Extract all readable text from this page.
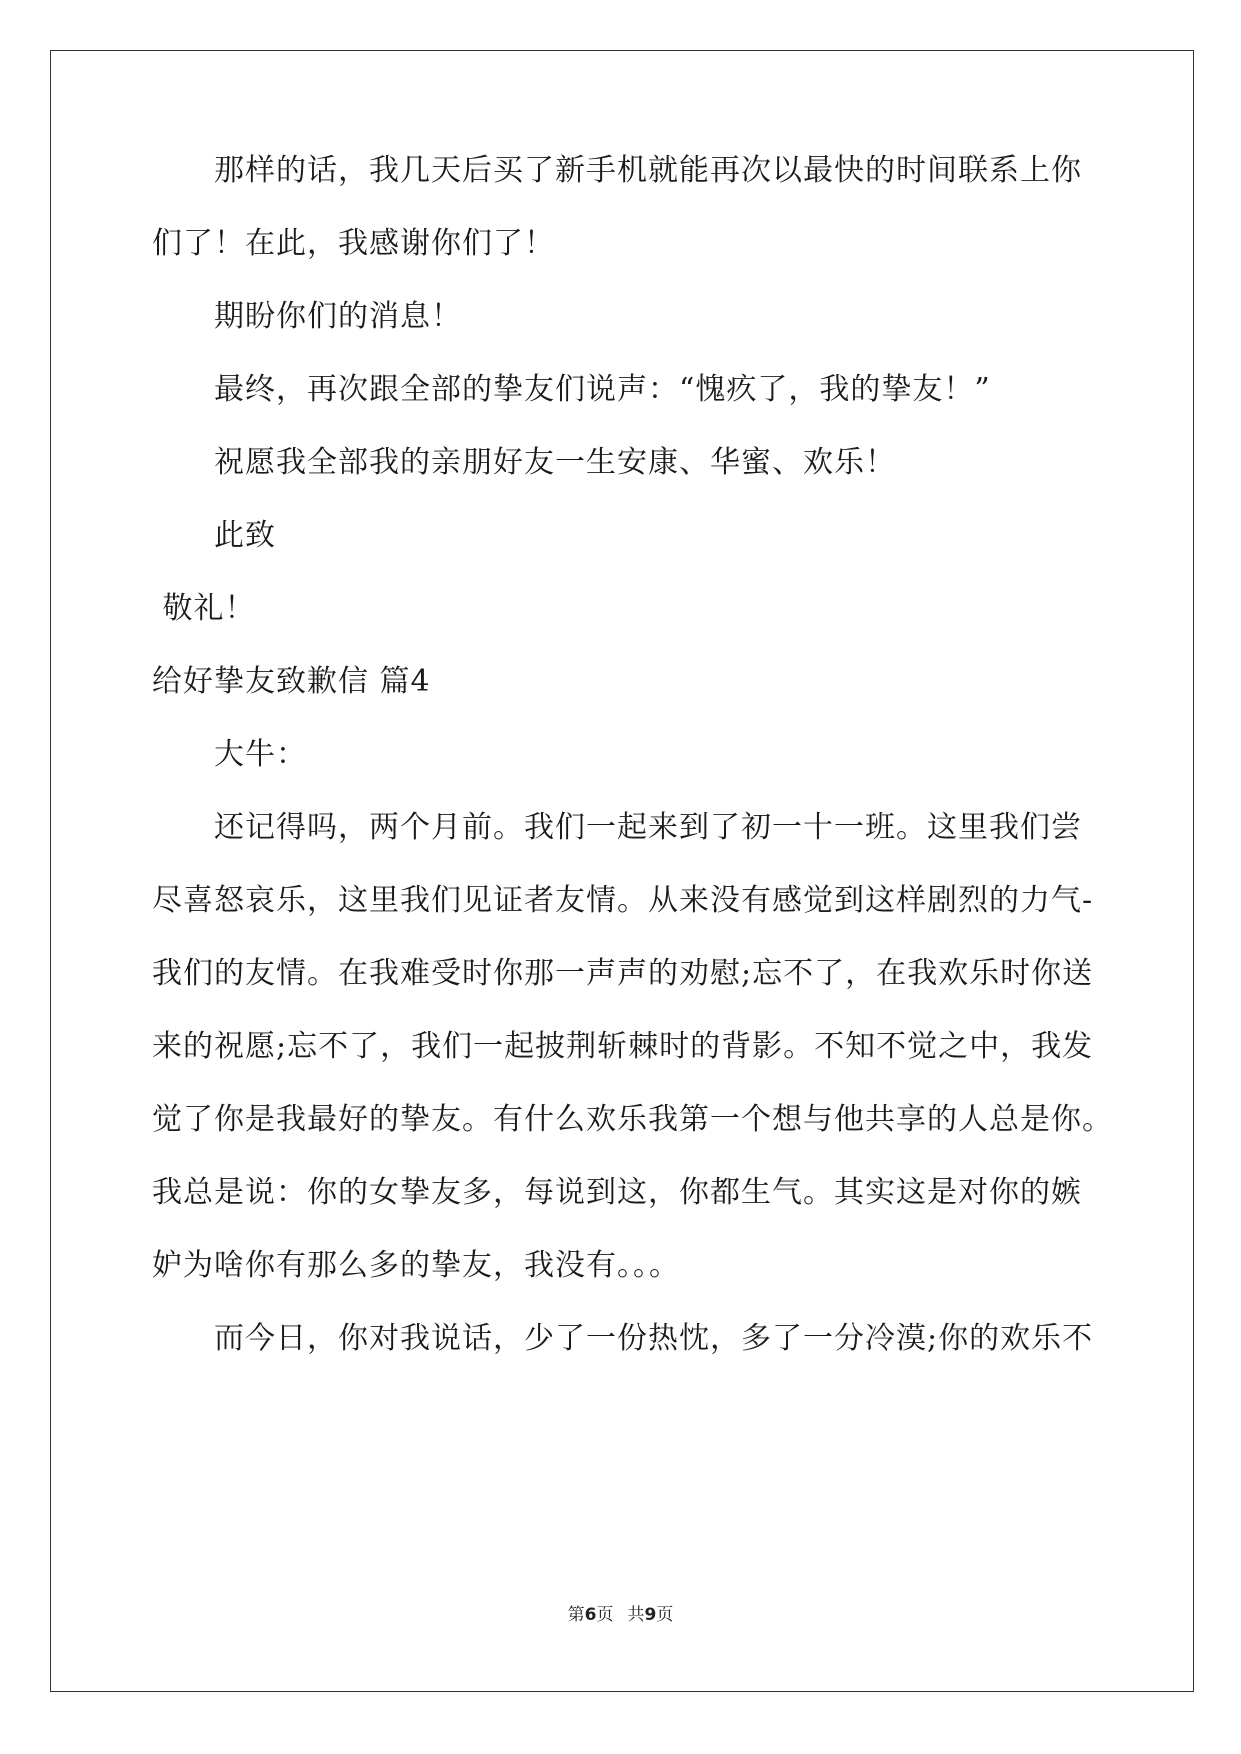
那样的话，我几天后买了新手机就能再次以最快的时间联系上你
们了！在此，我感谢你们了！
期盼你们的消息！
最终，再次跟全部的挚友们说声：“愧疚了，我的挚友！”
祝愿我全部我的亲朋好友一生安康、华蜜、欢乐！
此致
敬礼！
给好挚友致歉信 篇4
大牛：
还记得吗，两个月前。我们一起来到了初一十一班。这里我们尝
尽喜怒哀乐，这里我们见证者友情。从来没有感觉到这样剧烈的力气-
我们的友情。在我难受时你那一声声的劝慰;忘不了，在我欢乐时你送
来的祝愿;忘不了，我们一起披荆斩棘时的背影。不知不觉之中，我发
觉了你是我最好的挚友。有什么欢乐我第一个想与他共享的人总是你。
我总是说：你的女挚友多，每说到这，你都生气。其实这是对你的嫉
妒为啥你有那么多的挚友，我没有。。。
而今日，你对我说话，少了一份热忱，多了一分冷漠;你的欢乐不
第6页 共9页
